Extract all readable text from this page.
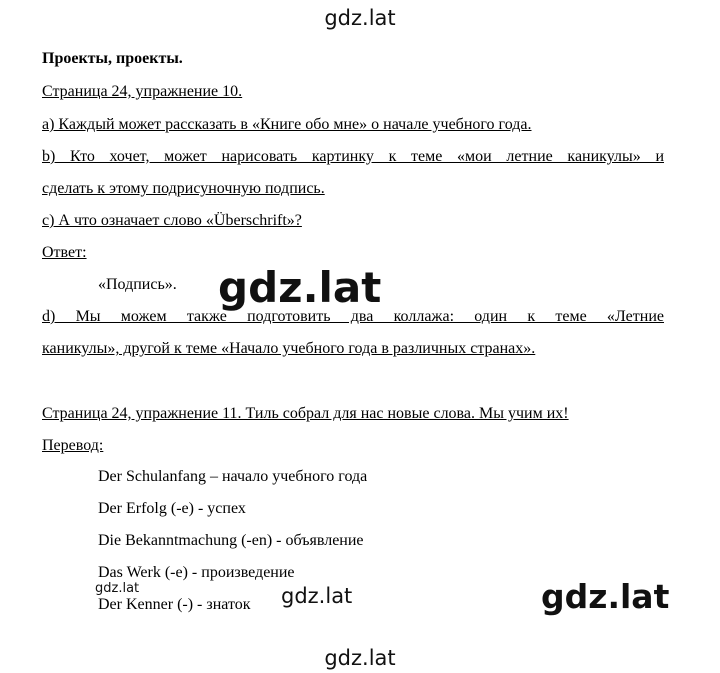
gdz.lat
Проекты, проекты.
Страница 24, упражнение 10.
а) Каждый может рассказать в «Книге обо мне» о начале учебного года.
b) Кто хочет, может нарисовать картинку к теме «мои летние каникулы» и
сделать к этому подрисуночную подпись.
с) А что означает слово «Überschrift»?
Ответ:
«Подпись».
d) Мы можем также подготовить два коллажа: один к теме «Летние
каникулы», другой к теме «Начало учебного года в различных странах».
Страница 24, упражнение 11. Тиль собрал для нас новые слова. Мы учим их!
Перевод:
Der Schulanfang – начало учебного года
Der Erfolg (-e) - успех
Die Bekanntmachung (-en) - объявление
Das Werk (-e) - произведение
Der Kenner (-) - знаток
gdz.lat
gdz.lat	gdz.lat	gdz.lat
gdz.lat
